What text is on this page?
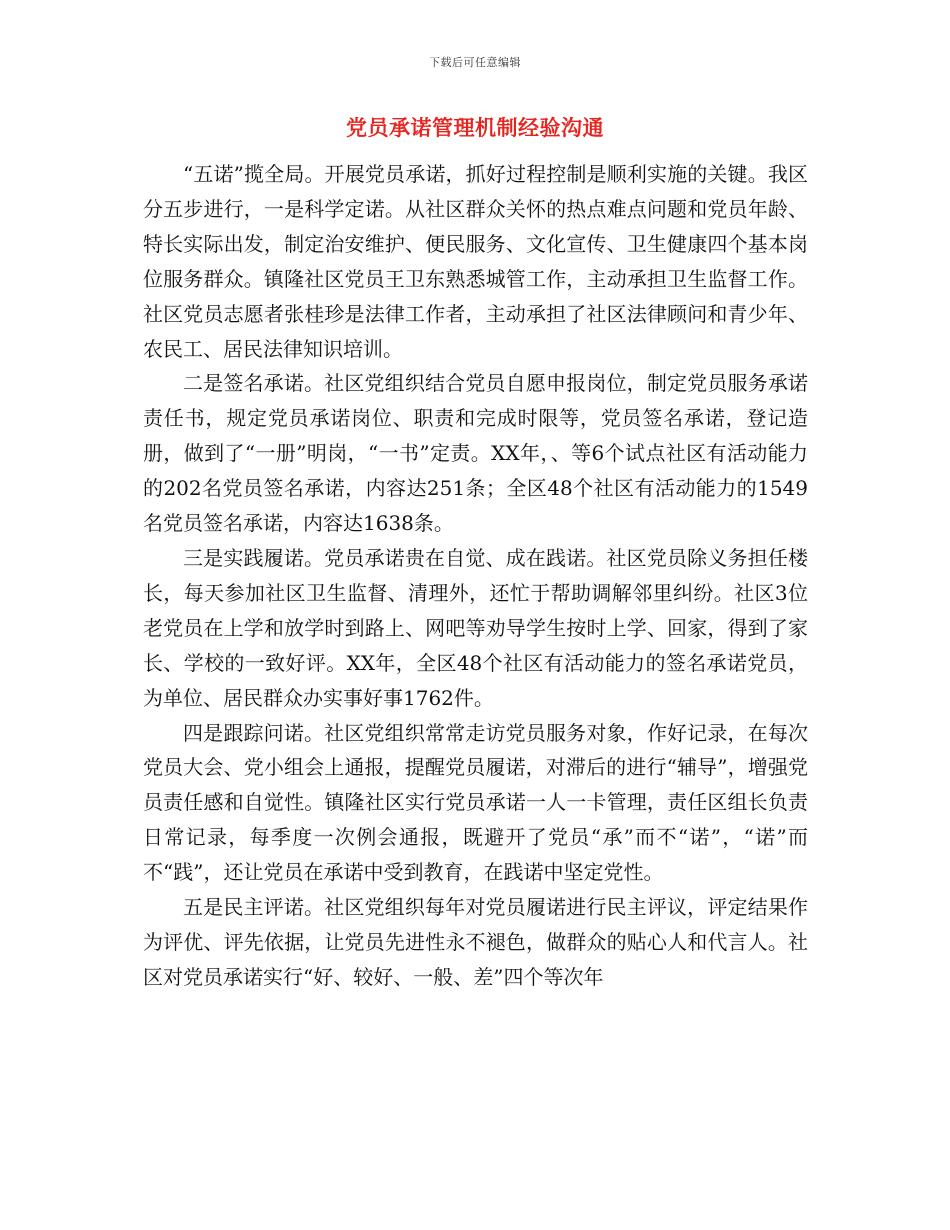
下载后可任意编辑
党员承诺管理机制经验沟通

“五诺”揽全局。开展党员承诺，抓好过程控制是顺利实施的关键。我区分五步进行，一是科学定诺。从社区群众关怀的热点难点问题和党员年龄、特长实际出发，制定治安维护、便民服务、文化宣传、卫生健康四个基本岗位服务群众。镇隆社区党员王卫东熟悉城管工作，主动承担卫生监督工作。社区党员志愿者张桂珍是法律工作者，主动承担了社区法律顾问和青少年、农民工、居民法律知识培训。

二是签名承诺。社区党组织结合党员自愿申报岗位，制定党员服务承诺责任书，规定党员承诺岗位、职责和完成时限等，党员签名承诺，登记造册，做到了“一册”明岗，“一书”定责。XX年，、等6个试点社区有活动能力的202名党员签名承诺，内容达251条；全区48个社区有活动能力的1549名党员签名承诺，内容达1638条。

三是实践履诺。党员承诺贵在自觉、成在践诺。社区党员除义务担任楼长，每天参加社区卫生监督、清理外，还忙于帮助调解邻里纠纷。社区3位老党员在上学和放学时到路上、网吧等劝导学生按时上学、回家，得到了家长、学校的一致好评。XX年，全区48个社区有活动能力的签名承诺党员，为单位、居民群众办实事好事1762件。

四是跟踪问诺。社区党组织常常走访党员服务对象，作好记录，在每次党员大会、党小组会上通报，提醒党员履诺，对滞后的进行“辅导”，增强党员责任感和自觉性。镇隆社区实行党员承诺一人一卡管理，责任区组长负责日常记录，每季度一次例会通报，既避开了党员“承”而不“诺”，“诺”而不“践”，还让党员在承诺中受到教育，在践诺中坚定党性。

五是民主评诺。社区党组织每年对党员履诺进行民主评议，评定结果作为评优、评先依据，让党员先进性永不褪色，做群众的贴心人和代言人。社区对党员承诺实行“好、较好、一般、差”四个等次年
